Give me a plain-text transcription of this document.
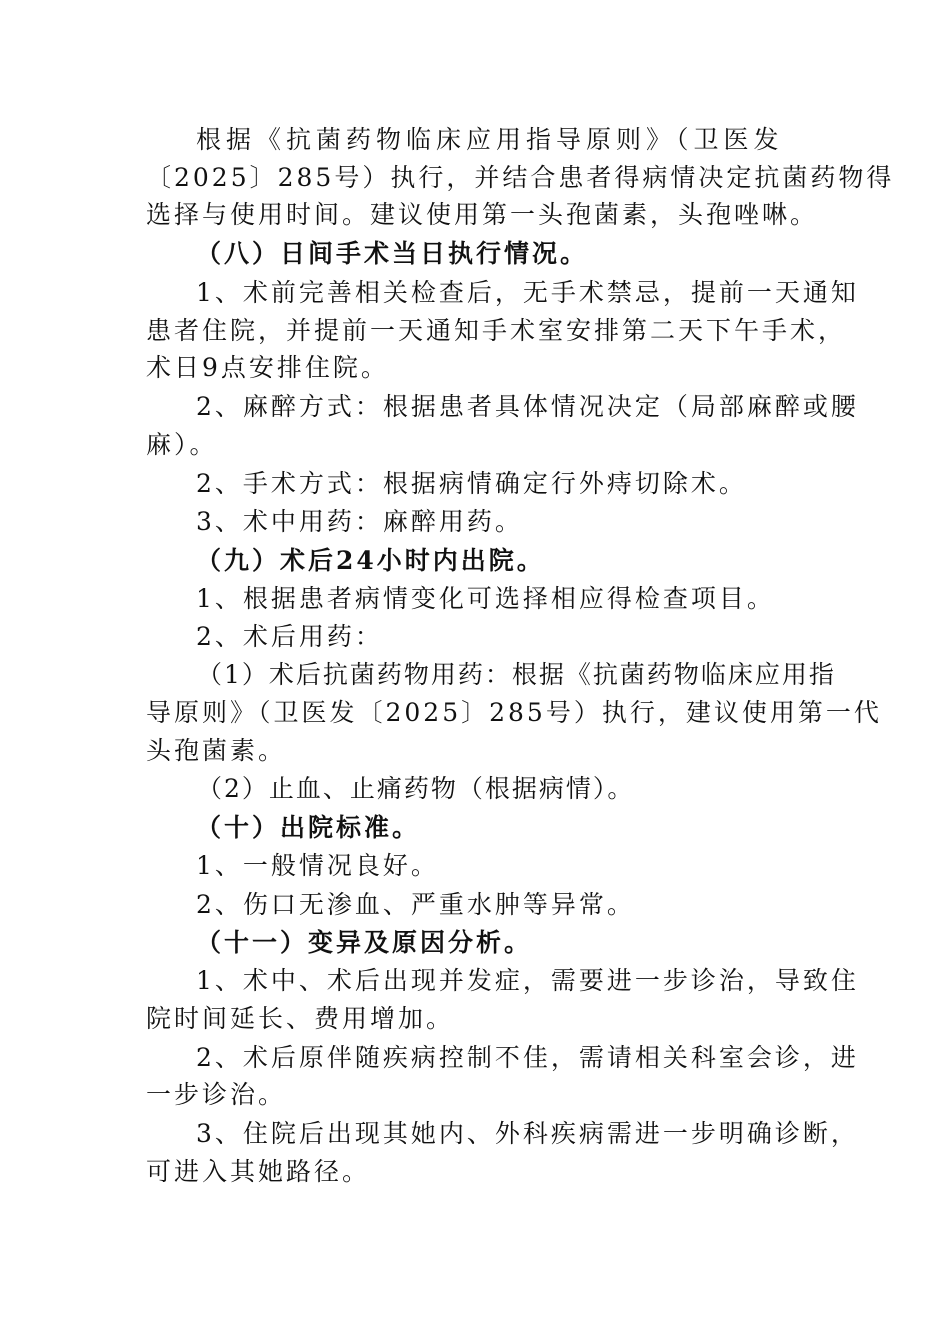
根据《抗菌药物临床应用指导原则》（卫医发
〔2025〕285号）执行，并结合患者得病情决定抗菌药物得
选择与使用时间。建议使用第一头孢菌素，头孢唑啉。
（八）日间手术当日执行情况。
1、术前完善相关检查后，无手术禁忌，提前一天通知
患者住院，并提前一天通知手术室安排第二天下午手术，
术日9点安排住院。
2、麻醉方式：根据患者具体情况决定（局部麻醉或腰
麻）。
2、手术方式：根据病情确定行外痔切除术。
3、术中用药：麻醉用药。
（九）术后24小时内出院。
1、根据患者病情变化可选择相应得检查项目。
2、术后用药：
（1）术后抗菌药物用药：根据《抗菌药物临床应用指
导原则》（卫医发〔2025〕285号）执行，建议使用第一代
头孢菌素。
（2）止血、止痛药物（根据病情）。
（十）出院标准。
1、一般情况良好。
2、伤口无渗血、严重水肿等异常。
（十一）变异及原因分析。
1、术中、术后出现并发症，需要进一步诊治，导致住
院时间延长、费用增加。
2、术后原伴随疾病控制不佳，需请相关科室会诊，进
一步诊治。
3、住院后出现其她内、外科疾病需进一步明确诊断，
可进入其她路径。
